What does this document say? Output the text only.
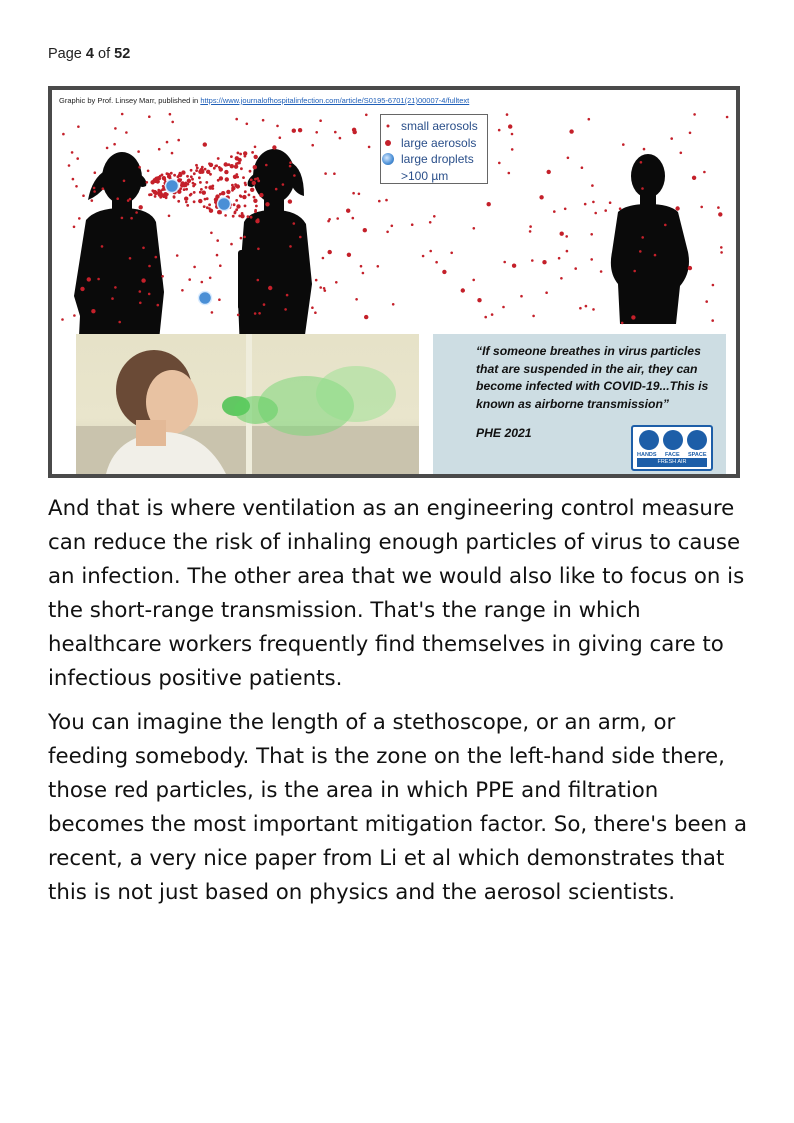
Page 4 of 52
Graphic by Prof. Linsey Marr, published in https://www.journalofhospitalinfection.com/article/S0195-6701(21)00007-4/fulltext
small aerosols
large aerosols
large droplets
>100 µm
“If someone breathes in virus particles that are suspended in the air, they can become infected with COVID-19...This is known as airborne transmission”
PHE 2021
HANDS FACE SPACE
FRESH AIR

And that is where ventilation as an engineering control measure can reduce the risk of inhaling enough particles of virus to cause an infection. The other area that we would also like to focus on is the short-range transmission. That's the range in which healthcare workers frequently find themselves in giving care to infectious positive patients.

You can imagine the length of a stethoscope, or an arm, or feeding somebody. That is the zone on the left-hand side there, those red particles, is the area in which PPE and filtration becomes the most important mitigation factor. So, there's been a recent, a very nice paper from Li et al which demonstrates that this is not just based on physics and the aerosol scientists.
